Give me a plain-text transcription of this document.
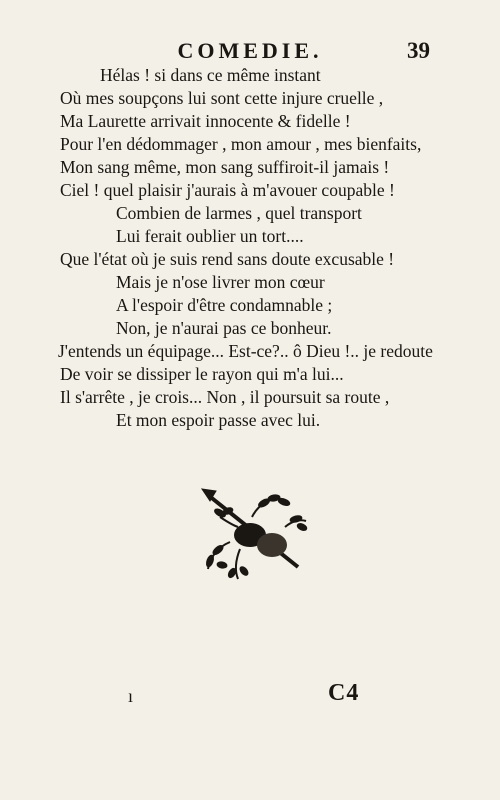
COMEDIE.	39
Hélas ! si dans ce même instant
Où mes soupçons lui sont cette injure cruelle ,
Ma Laurette arrivait innocente & fidelle !
Pour l'en dédommager , mon amour , mes bienfaits,
Mon sang même, mon sang suffiroit-il jamais !
Ciel ! quel plaisir j'aurais à m'avouer coupable !
Combien de larmes , quel transport
Lui ferait oublier un tort....
Que l'état où je suis rend sans doute excusable !
Mais je n'ose livrer mon cœur
A l'espoir d'être condamnable ;
Non, je n'aurai pas ce bonheur.
J'entends un équipage... Est-ce?.. ô Dieu !.. je redoute
De voir se dissiper le rayon qui m'a lui...
Il s'arrête , je crois... Non , il poursuit sa route ,
Et mon espoir passe avec lui.
ı	C4
